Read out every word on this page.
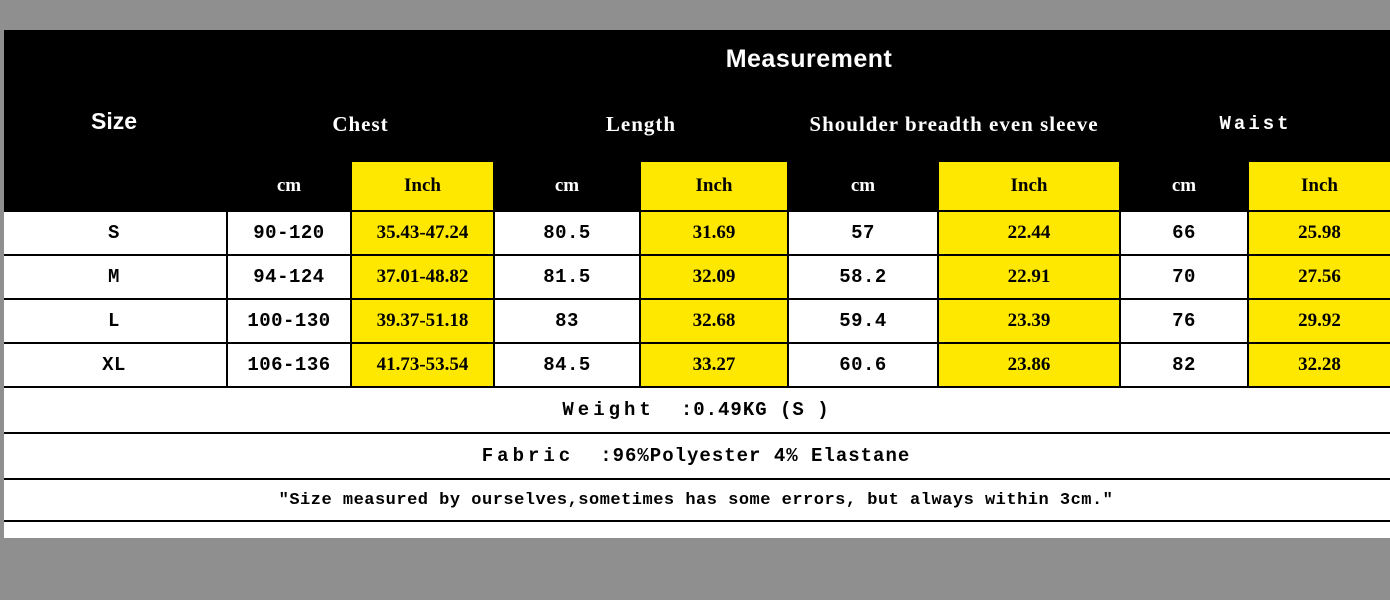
Size	Measurement							
	Chest		Length		Shoulder breadth even sleeve		Waist	
	cm	Inch	cm	Inch	cm	Inch	cm	Inch
S	90-120	35.43-47.24	80.5	31.69	57	22.44	66	25.98
M	94-124	37.01-48.82	81.5	32.09	58.2	22.91	70	27.56
L	100-130	39.37-51.18	83	32.68	59.4	23.39	76	29.92
XL	106-136	41.73-53.54	84.5	33.27	60.6	23.86	82	32.28

Weight :0.49KG (S )								

Fabric :96%Polyester 4% Elastane								

"Size measured by ourselves,sometimes has some errors, but always within 3cm."								
